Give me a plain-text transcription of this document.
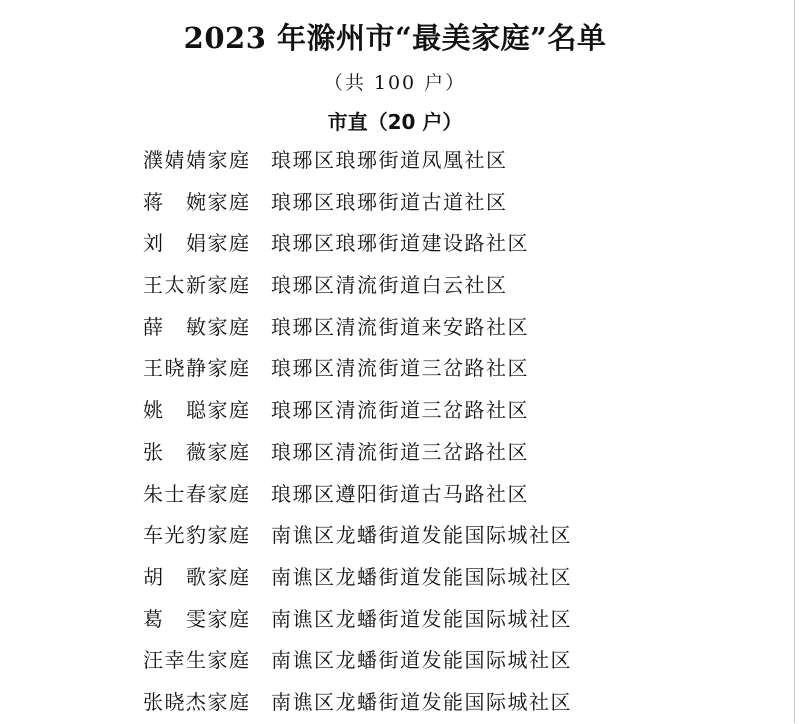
2023 年滁州市“最美家庭”名单
（共 100 户）
市直（20 户）
濮婧婧家庭 琅琊区琅琊街道凤凰社区
蒋　婉家庭 琅琊区琅琊街道古道社区
刘　娟家庭 琅琊区琅琊街道建设路社区
王太新家庭 琅琊区清流街道白云社区
薛　敏家庭 琅琊区清流街道来安路社区
王晓静家庭 琅琊区清流街道三岔路社区
姚　聪家庭 琅琊区清流街道三岔路社区
张　薇家庭 琅琊区清流街道三岔路社区
朱士春家庭 琅琊区遵阳街道古马路社区
车光豹家庭 南谯区龙蟠街道发能国际城社区
胡　歌家庭 南谯区龙蟠街道发能国际城社区
葛　雯家庭 南谯区龙蟠街道发能国际城社区
汪幸生家庭 南谯区龙蟠街道发能国际城社区
张晓杰家庭 南谯区龙蟠街道发能国际城社区
